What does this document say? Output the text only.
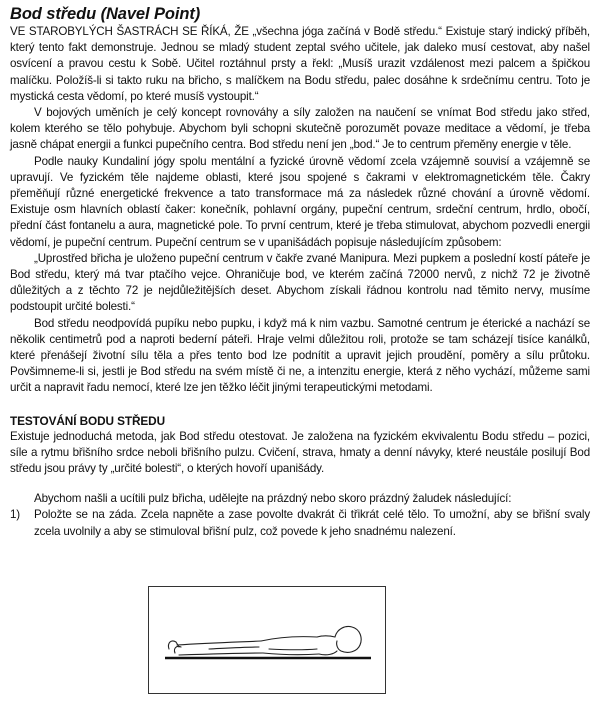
Bod středu (Navel Point)

VE STAROBYLÝCH ŠASTRÁCH SE ŘÍKÁ, ŽE „všechna jóga začíná v Bodě středu.“ Existuje starý indický příběh, který tento fakt demonstruje. Jednou se mladý student zeptal svého učitele, jak daleko musí cestovat, aby našel osvícení a pravou cestu k Sobě. Učitel roztáhnul prsty a řekl: „Musíš urazit vzdálenost mezi palcem a špičkou malíčku. Položíš-li si takto ruku na břicho, s malíčkem na Bodu středu, palec dosáhne k srdečnímu centru. Toto je mystická cesta vědomí, po které musíš vystoupit.“

V bojových uměních je celý koncept rovnováhy a síly založen na naučení se vnímat Bod středu jako střed, kolem kterého se tělo pohybuje. Abychom byli schopni skutečně porozumět povaze meditace a vědomí, je třeba jasně chápat energii a funkci pupečního centra. Bod středu není jen „bod.“ Je to centrum přeměny energie v těle.

Podle nauky Kundaliní jógy spolu mentální a fyzické úrovně vědomí zcela vzájemně souvisí a vzájemně se upravují. Ve fyzickém těle najdeme oblasti, které jsou spojené s čakrami v elektromagnetickém těle. Čakry přeměňují různé energetické frekvence a tato transformace má za následek různé chování a úrovně vědomí. Existuje osm hlavních oblastí čaker: konečník, pohlavní orgány, pupeční centrum, srdeční centrum, hrdlo, obočí, přední část fontanelu a aura, magnetické pole. To první centrum, které je třeba stimulovat, abychom pozvedli energii vědomí, je pupeční centrum. Pupeční centrum se v upanišádách popisuje následujícím způsobem:

„Uprostřed břicha je uloženo pupeční centrum v čakře zvané Manipura. Mezi pupkem a poslední kostí páteře je Bod středu, který má tvar ptačího vejce. Ohraničuje bod, ve kterém začíná 72000 nervů, z nichž 72 je životně důležitých a z těchto 72 je nejdůležitějších deset. Abychom získali řádnou kontrolu nad těmito nervy, musíme podstoupit určité bolesti.“

Bod středu neodpovídá pupíku nebo pupku, i když má k nim vazbu. Samotné centrum je éterické a nachází se několik centimetrů pod a naproti bederní páteři. Hraje velmi důležitou roli, protože se tam scházejí tisíce kanálků, které přenášejí životní sílu těla a přes tento bod lze podnítit a upravit jejich proudění, poměry a sílu průtoku. Povšimneme-li si, jestli je Bod středu na svém místě či ne, a intenzitu energie, která z něho vychází, můžeme sami určit a napravit řadu nemocí, které lze jen těžko léčit jinými terapeutickými metodami.

TESTOVÁNÍ BODU STŘEDU

Existuje jednoduchá metoda, jak Bod středu otestovat. Je založena na fyzickém ekvivalentu Bodu středu – pozici, síle a rytmu břišního srdce neboli břišního pulzu. Cvičení, strava, hmaty a denní návyky, které neustále posilují Bod středu jsou právy ty „určité bolesti“, o kterých hovoří upanišády.

Abychom našli a ucítili pulz břicha, udělejte na prázdný nebo skoro prázdný žaludek následující:

1)	Položte se na záda. Zcela napněte a zase povolte dvakrát či třikrát celé tělo. To umožní, aby se břišní svaly zcela uvolnily a aby se stimuloval břišní pulz, což povede k jeho snadnému nalezení.
